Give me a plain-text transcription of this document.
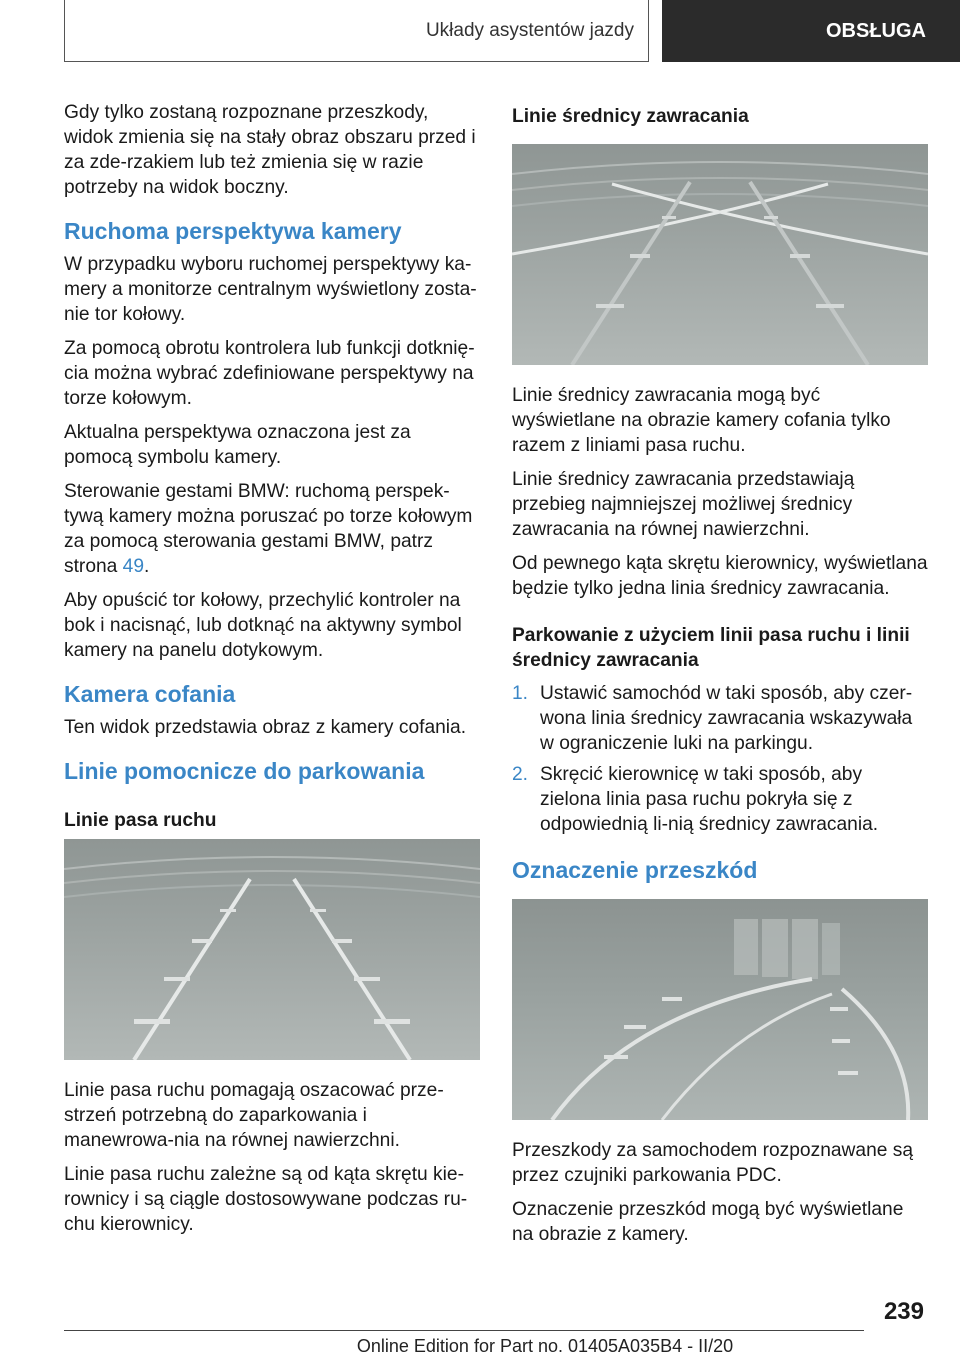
Układy asystentów jazdy	OBSŁUGA

Gdy tylko zostaną rozpoznane przeszkody, widok zmienia się na stały obraz obszaru przed i za zde-rzakiem lub też zmienia się w razie potrzeby na widok boczny.

Ruchoma perspektywa kamery

W przypadku wyboru ruchomej perspektywy ka-mery a monitorze centralnym wyświetlony zosta-nie tor kołowy.

Za pomocą obrotu kontrolera lub funkcji dotknię-cia można wybrać zdefiniowane perspektywy na torze kołowym.

Aktualna perspektywa oznaczona jest za pomocą symbolu kamery.

Sterowanie gestami BMW: ruchomą perspek-tywą kamery można poruszać po torze kołowym za pomocą sterowania gestami BMW, patrz strona 49.

Aby opuścić tor kołowy, przechylić kontroler na bok i nacisnąć, lub dotknąć na aktywny symbol kamery na panelu dotykowym.

Kamera cofania

Ten widok przedstawia obraz z kamery cofania.

Linie pomocnicze do parkowania
Linie pasa ruchu

Linie pasa ruchu pomagają oszacować prze-strzeń potrzebną do zaparkowania i manewrowa-nia na równej nawierzchni.

Linie pasa ruchu zależne są od kąta skrętu kie-rownicy i są ciągle dostosowywane podczas ru-chu kierownicy.

Linie średnicy zawracania

Linie średnicy zawracania mogą być wyświetlane na obrazie kamery cofania tylko razem z liniami pasa ruchu.

Linie średnicy zawracania przedstawiają przebieg najmniejszej możliwej średnicy zawracania na równej nawierzchni.

Od pewnego kąta skrętu kierownicy, wyświetlana będzie tylko jedna linia średnicy zawracania.

Parkowanie z użyciem linii pasa ruchu i linii średnicy zawracania
1. Ustawić samochód w taki sposób, aby czer-wona linia średnicy zawracania wskazywała w ograniczenie luki na parkingu.
2. Skręcić kierownicę w taki sposób, aby zielona linia pasa ruchu pokryła się z odpowiednią li-nią średnicy zawracania.
Oznaczenie przeszkód

Przeszkody za samochodem rozpoznawane są przez czujniki parkowania PDC.

Oznaczenie przeszkód mogą być wyświetlane na obrazie z kamery.

239
Online Edition for Part no. 01405A035B4 - II/20
